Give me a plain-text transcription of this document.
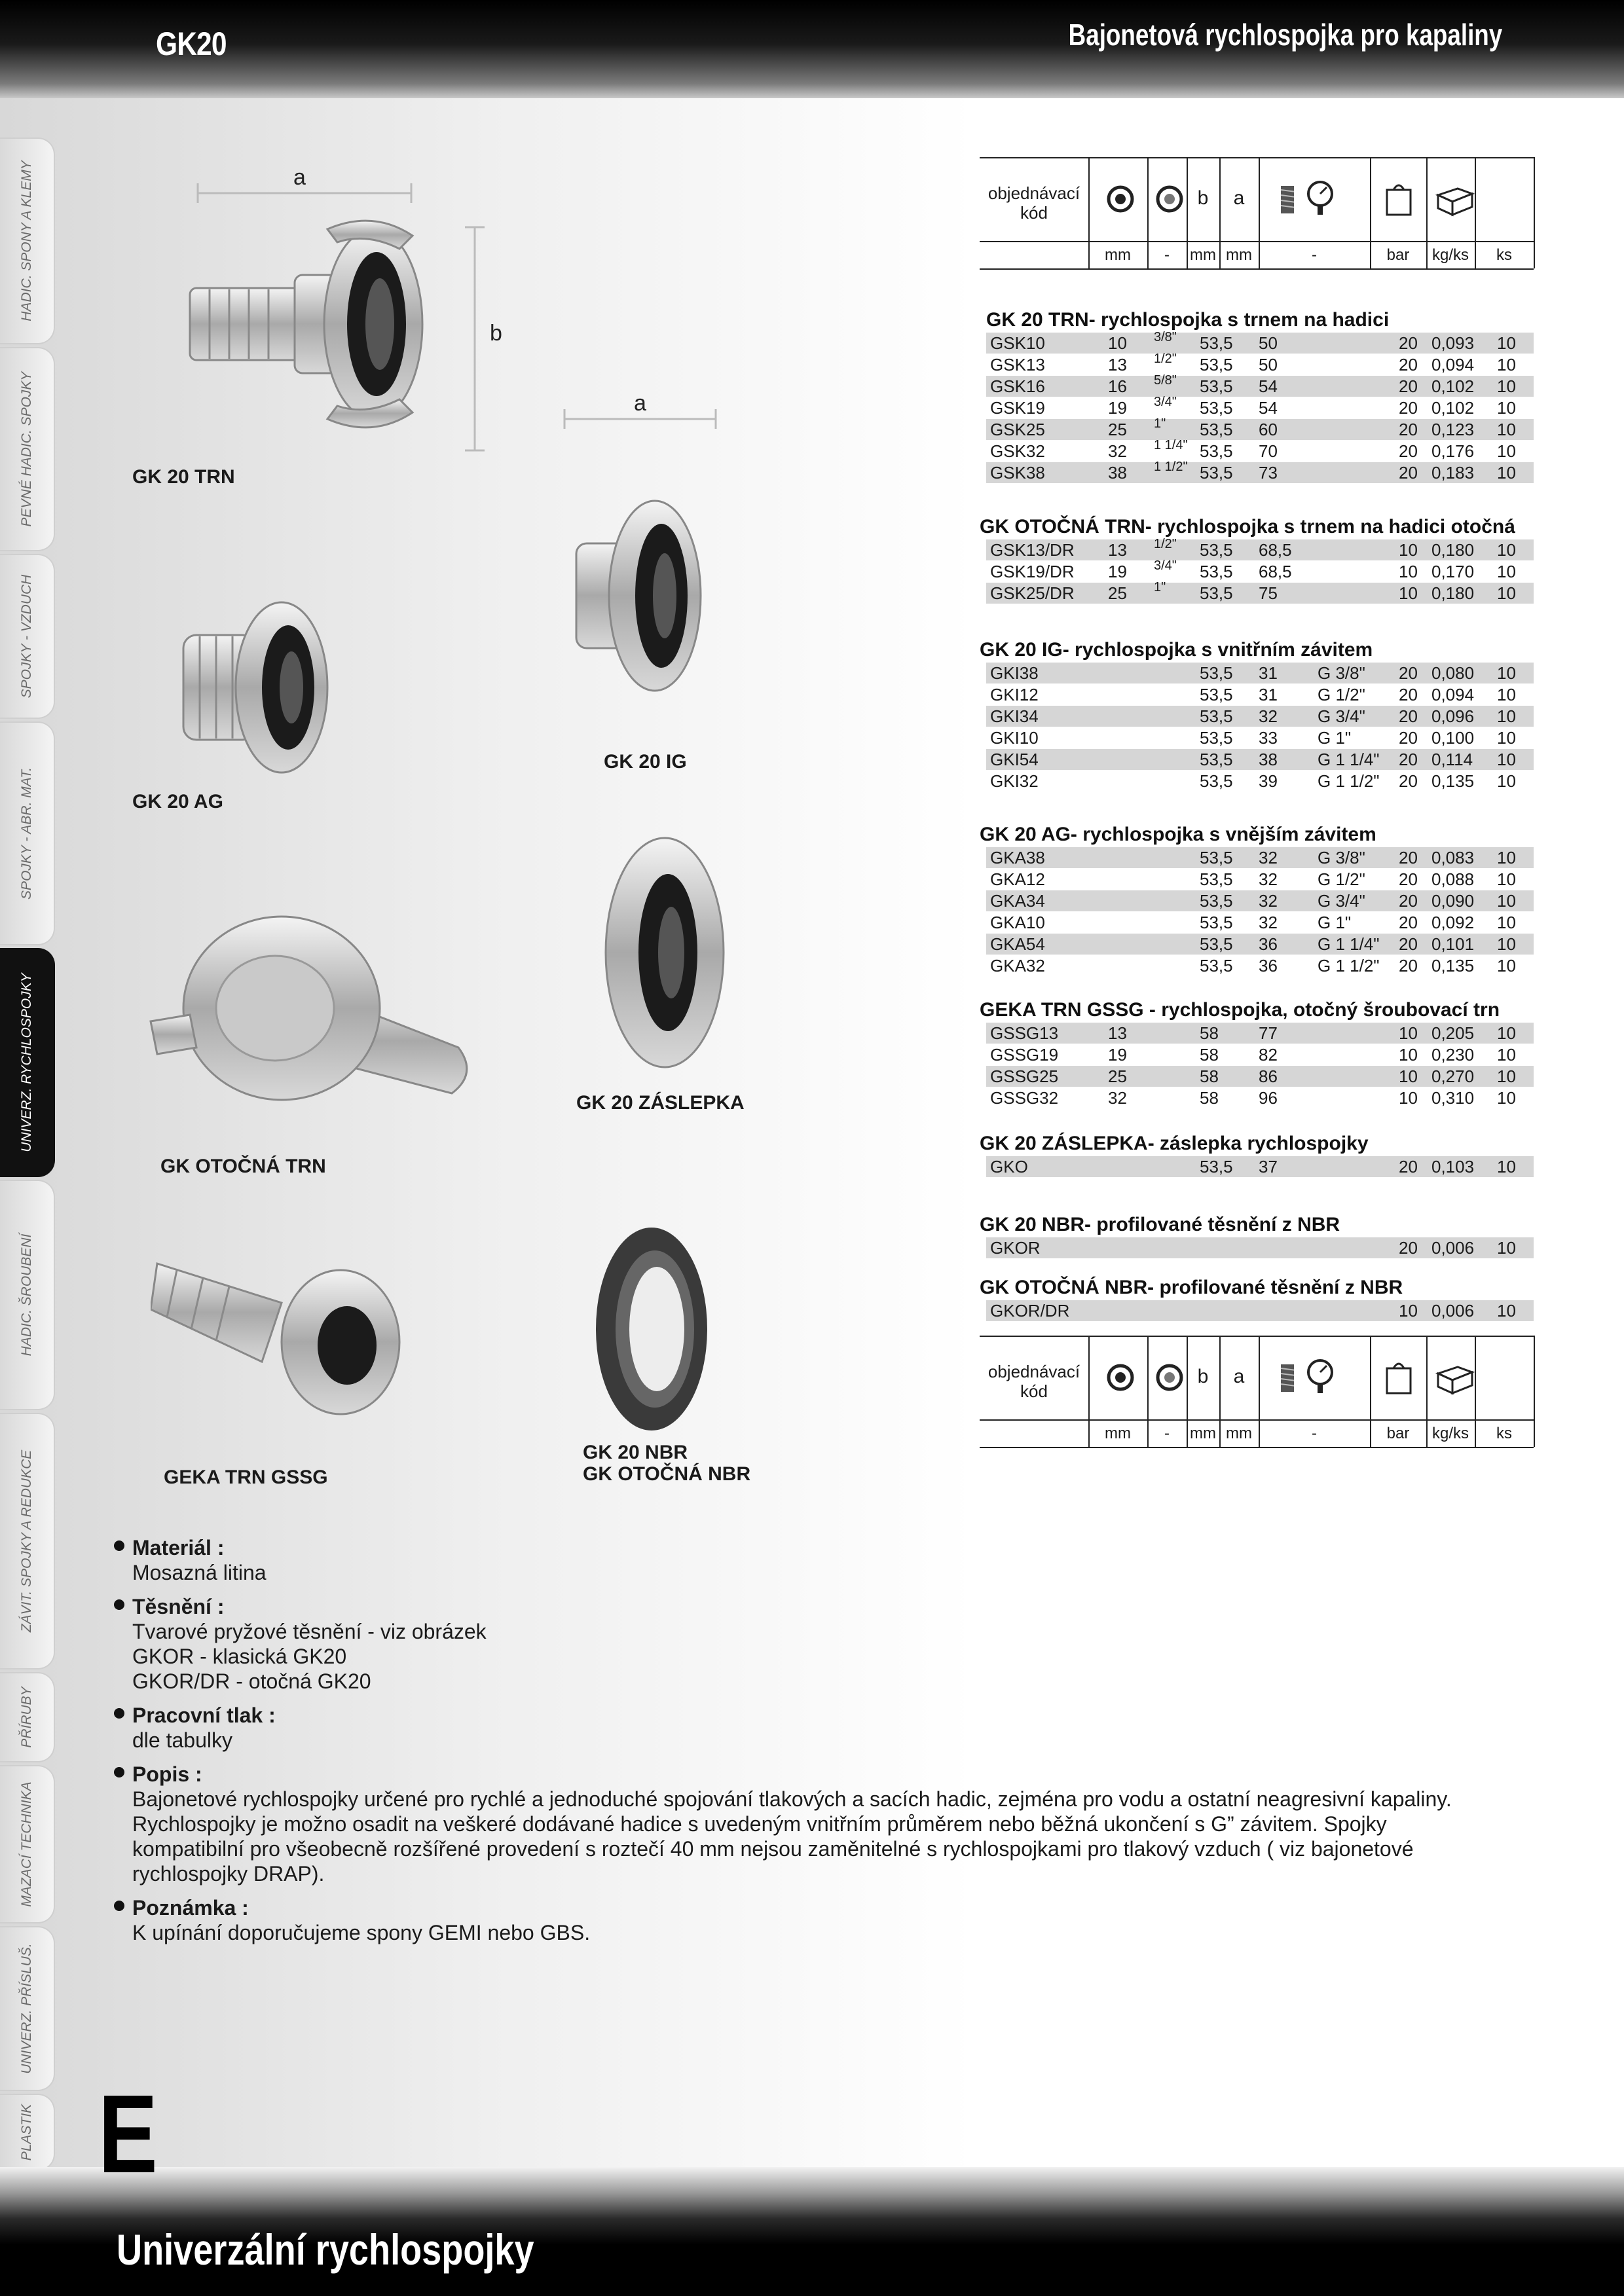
GK20	Bajonetová rychlospojka pro kapaliny
HADIC. SPONY A KLEMY
PEVNÉ HADIC. SPOJKY
SPOJKY - VZDUCH
SPOJKY - ABR. MAT.
UNIVERZ. RYCHLOSPOJKY
HADIC. ŠROUBENÍ
ZÁVIT. SPOJKY A REDUKCE
PŘÍRUBY
MAZACÍ TECHNIKA
UNIVERZ. PŘÍSLUŠ.
PLASTIK
a
b
GK 20 TRN
GK 20 AG
a
GK 20 IG
GK OTOČNÁ TRN
GK 20 ZÁSLEPKA
GEKA TRN GSSG
GK 20 NBR
GK OTOČNÁ NBR
objednávací kód
b	a
mm	-	mm mm	-	bar	kg/ks	ks
objednávací kód
b	a
mm	-	mm mm	-	bar	kg/ks	ks
GK 20 TRN- rychlospojka s trnem na hadici
GSK10	10 3/8" 53,5 50	20 0,093 10
GSK13	13 1/2" 53,5 50	20 0,094 10
GSK16	16 5/8" 53,5 54	20 0,102 10
GSK19	19 3/4" 53,5 54	20 0,102 10
GSK25	25 1" 53,5 60	20 0,123 10
GSK32	32 1 1/4" 53,5 70	20 0,176 10
GSK38	38 1 1/2" 53,5 73	20 0,183 10
GK OTOČNÁ TRN- rychlospojka s trnem na hadici otočná
GSK13/DR 13 1/2" 53,5 68,5	10 0,180 10
GSK19/DR 19 3/4" 53,5 68,5	10 0,170 10
GSK25/DR 25 1" 53,5 75	10 0,180 10
GK 20 IG- rychlospojka s vnitřním závitem
GKI38	53,5 31 G 3/8" 20 0,080 10
GKI12	53,5 31 G 1/2" 20 0,094 10
GKI34	53,5 32 G 3/4" 20 0,096 10
GKI10	53,5 33 G 1"	20 0,100 10
GKI54	53,5 38 G 1 1/4" 20 0,114 10
GKI32	53,5 39 G 1 1/2" 20 0,135 10
GK 20 AG- rychlospojka s vnějším závitem
GKA38	53,5 32 G 3/8" 20 0,083 10
GKA12	53,5 32 G 1/2" 20 0,088 10
GKA34	53,5 32 G 3/4" 20 0,090 10
GKA10	53,5 32 G 1"	20 0,092 10
GKA54	53,5 36 G 1 1/4" 20 0,101 10
GKA32	53,5 36 G 1 1/2" 20 0,135 10
GEKA TRN GSSG - rychlospojka, otočný šroubovací trn
GSSG13	13	58 77	10 0,205 10
GSSG19	19	58 82	10 0,230 10
GSSG25	25	58 86	10 0,270 10
GSSG32	32	58 96	10 0,310 10
GK 20 ZÁSLEPKA- záslepka rychlospojky
GKO	53,5 37	20 0,103 10
GK 20 NBR- profilované těsnění z NBR
GKOR	20 0,006 10
GK OTOČNÁ NBR- profilované těsnění z NBR
GKOR/DR	10 0,006 10
Materiál :
Mosazná litina
Těsnění :
Tvarové pryžové těsnění - viz obrázek
GKOR - klasická GK20
GKOR/DR - otočná GK20
Pracovní tlak :
dle tabulky
Popis :
Bajonetové rychlospojky určené pro rychlé a jednoduché spojování tlakových a sacích hadic, zejména pro vodu a ostatní neagresivní kapaliny.
Rychlospojky je možno osadit na veškeré dodávané hadice s uvedeným vnitřním průměrem nebo běžná ukončení s G” závitem. Spojky
kompatibilní pro všeobecně rozšířené provedení s roztečí 40 mm nejsou zaměnitelné s rychlospojkami pro tlakový vzduch ( viz bajonetové
rychlospojky DRAP).
Poznámka :
K upínání doporučujeme spony GEMI nebo GBS.
Univerzální rychlospojky
E
